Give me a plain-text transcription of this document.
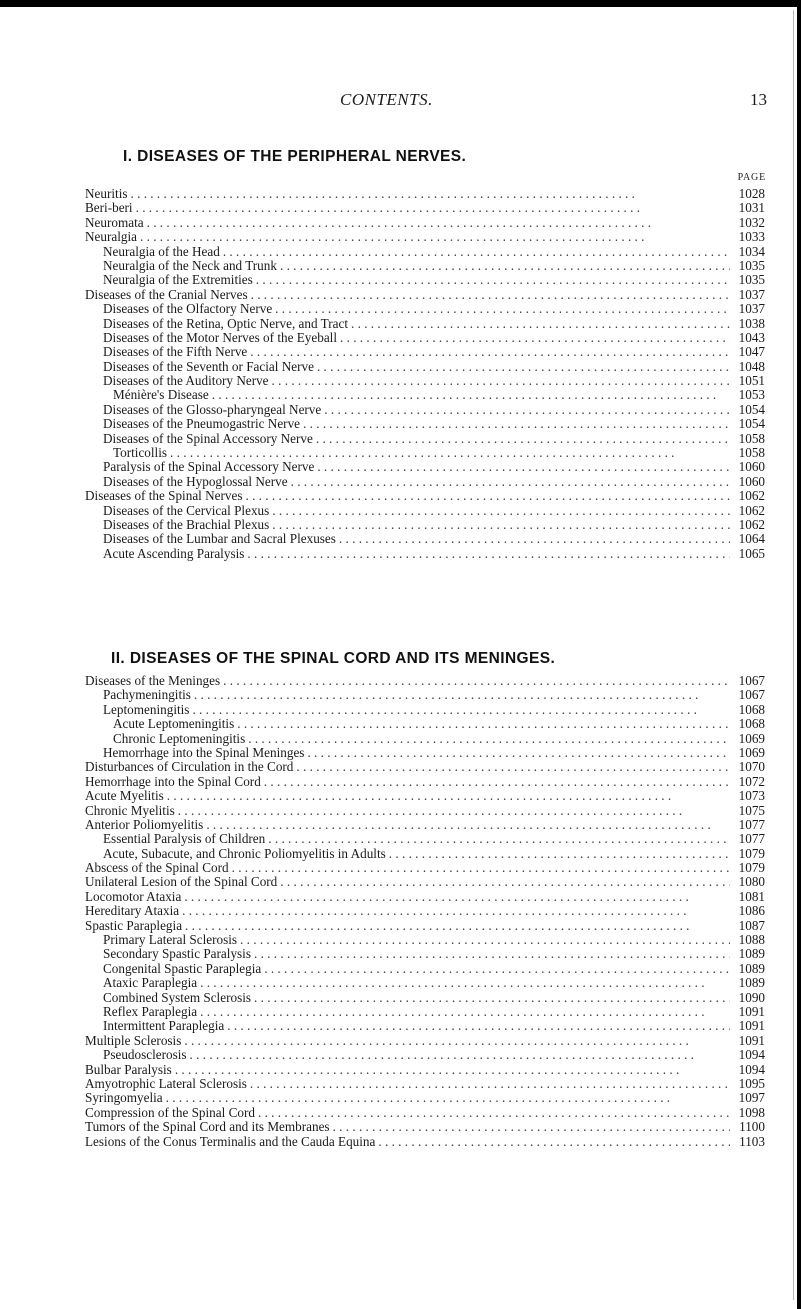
CONTENTS.	13
I. DISEASES OF THE PERIPHERAL NERVES.
PAGE
Neuritis . . .	1028
Beri-beri . . .	1031
Neuromata . . .	1032
Neuralgia . . .	1033
Neuralgia of the Head . . .	1034
Neuralgia of the Neck and Trunk . . .	1035
Neuralgia of the Extremities . . .	1035
Diseases of the Cranial Nerves . . .	1037
Diseases of the Olfactory Nerve . . .	1037
Diseases of the Retina, Optic Nerve, and Tract . . .	1038
Diseases of the Motor Nerves of the Eyeball . . .	1043
Diseases of the Fifth Nerve . . .	1047
Diseases of the Seventh or Facial Nerve . . .	1048
Diseases of the Auditory Nerve . . .	1051
Ménière's Disease . . .	1053
Diseases of the Glosso-pharyngeal Nerve . . .	1054
Diseases of the Pneumogastric Nerve . . .	1054
Diseases of the Spinal Accessory Nerve . . .	1058
Torticollis . . .	1058
Paralysis of the Spinal Accessory Nerve . . .	1060
Diseases of the Hypoglossal Nerve . . .	1060
Diseases of the Spinal Nerves . . .	1062
Diseases of the Cervical Plexus . . .	1062
Diseases of the Brachial Plexus . . .	1062
Diseases of the Lumbar and Sacral Plexuses . . .	1064
Acute Ascending Paralysis . . .	1065
II. DISEASES OF THE SPINAL CORD AND ITS MENINGES.
Diseases of the Meninges . . .	1067
Pachymeningitis . . .	1067
Leptomeningitis . . .	1068
Acute Leptomeningitis . . .	1068
Chronic Leptomeningitis . . .	1069
Hemorrhage into the Spinal Meninges . . .	1069
Disturbances of Circulation in the Cord . . .	1070
Hemorrhage into the Spinal Cord . . .	1072
Acute Myelitis . . .	1073
Chronic Myelitis . . .	1075
Anterior Poliomyelitis . . .	1077
Essential Paralysis of Children . . .	1077
Acute, Subacute, and Chronic Poliomyelitis in Adults . . .	1079
Abscess of the Spinal Cord . . .	1079
Unilateral Lesion of the Spinal Cord . . .	1080
Locomotor Ataxia . . .	1081
Hereditary Ataxia . . .	1086
Spastic Paraplegia . . .	1087
Primary Lateral Sclerosis . . .	1088
Secondary Spastic Paralysis . . .	1089
Congenital Spastic Paraplegia . . .	1089
Ataxic Paraplegia . . .	1089
Combined System Sclerosis . . .	1090
Reflex Paraplegia . . .	1091
Intermittent Paraplegia . . .	1091
Multiple Sclerosis . . .	1091
Pseudosclerosis . . .	1094
Bulbar Paralysis . . .	1094
Amyotrophic Lateral Sclerosis . . .	1095
Syringomyelia . . .	1097
Compression of the Spinal Cord . . .	1098
Tumors of the Spinal Cord and its Membranes . . .	1100
Lesions of the Conus Terminalis and the Cauda Equina . . .	1103
